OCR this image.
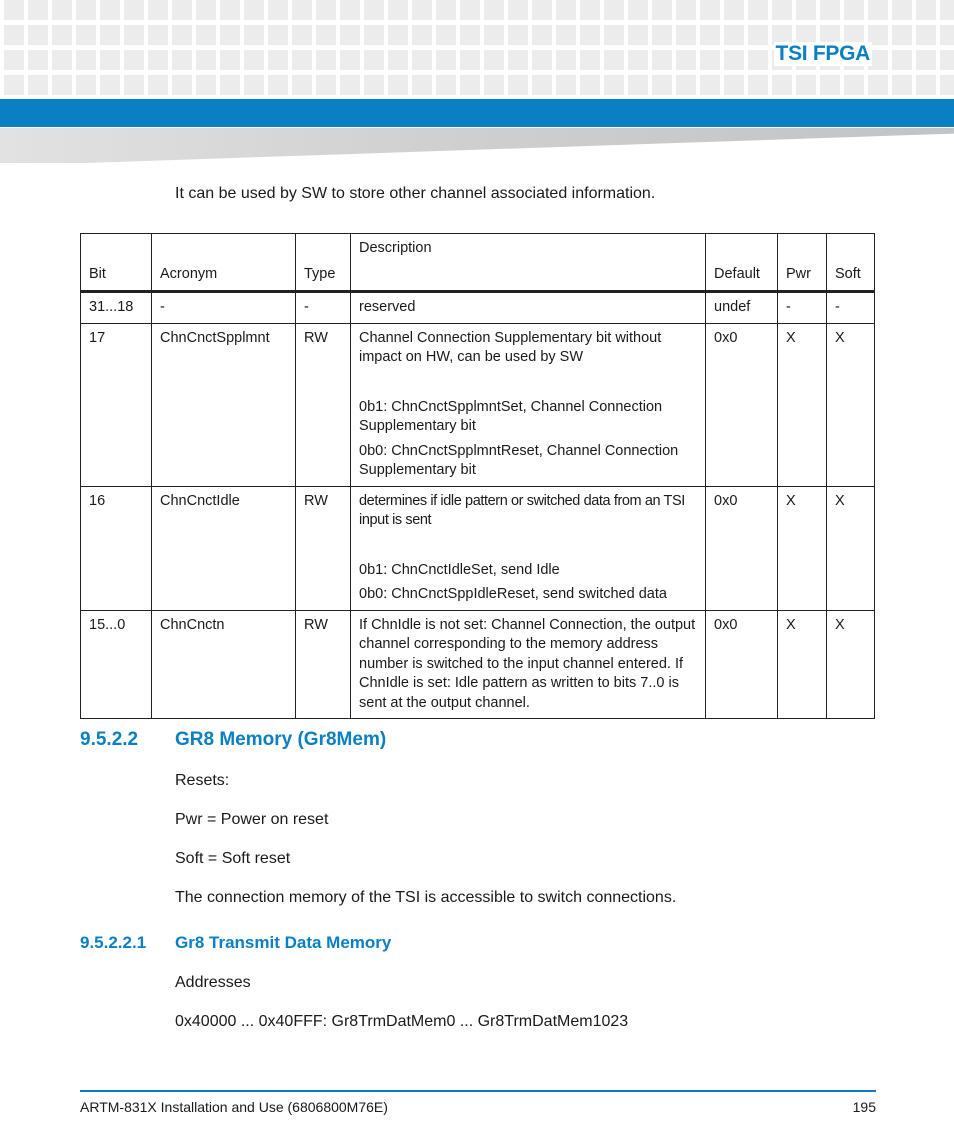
TSI FPGA
It can be used by SW to store other channel associated information.
Bit	Acronym	Type	Description	Default	Pwr	Soft
31...18	-	-	reserved	undef	-	-
17	ChnCnctSpplmnt	RW	Channel Connection Supplementary bit without impact on HW, can be used by SW

0b1: ChnCnctSpplmntSet, Channel Connection Supplementary bit

0b0: ChnCnctSpplmntReset, Channel Connection Supplementary bit	0x0	X	X
16	ChnCnctIdle	RW	determines if idle pattern or switched data from an TSI input is sent

0b1: ChnCnctIdleSet, send Idle

0b0: ChnCnctSppIdleReset, send switched data	0x0	X	X
15...0	ChnCnctn	RW	If ChnIdle is not set: Channel Connection, the output channel corresponding to the memory address number is switched to the input channel entered. If ChnIdle is set: Idle pattern as written to bits 7..0 is sent at the output channel.	0x0	X	X
9.5.2.2 GR8 Memory (Gr8Mem)
Resets:
Pwr = Power on reset
Soft = Soft reset
The connection memory of the TSI is accessible to switch connections.
9.5.2.2.1 Gr8 Transmit Data Memory
Addresses
0x40000 ... 0x40FFF: Gr8TrmDatMem0 ... Gr8TrmDatMem1023
ARTM-831X Installation and Use (6806800M76E)	195
